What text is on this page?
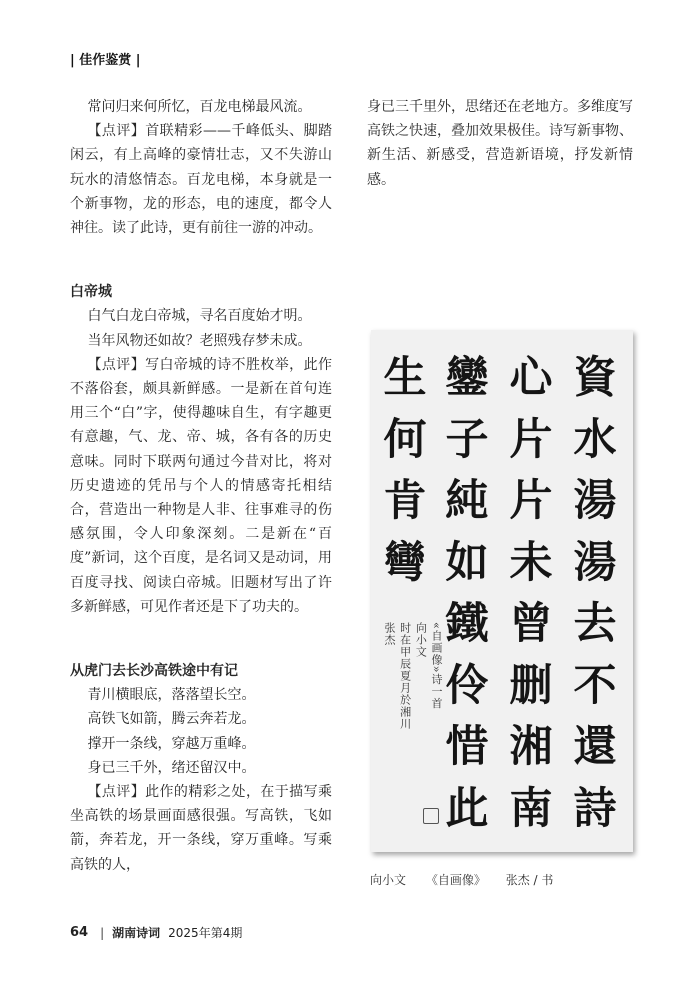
| 佳作鉴赏 |

常问归来何所忆，百龙电梯最风流。

【点评】首联精彩——千峰低头、脚踏闲云，有上高峰的豪情壮志，又不失游山玩水的清悠情态。百龙电梯，本身就是一个新事物，龙的形态，电的速度，都令人神往。读了此诗，更有前往一游的冲动。

白帝城

白气白龙白帝城，寻名百度始才明。

当年风物还如故？老照残存梦未成。

【点评】写白帝城的诗不胜枚举，此作不落俗套，颇具新鲜感。一是新在首句连用三个“白”字，使得趣味自生，有字趣更有意趣，气、龙、帝、城，各有各的历史意味。同时下联两句通过今昔对比，将对历史遗迹的凭吊与个人的情感寄托相结合，营造出一种物是人非、往事难寻的伤感氛围，令人印象深刻。二是新在“百度”新词，这个百度，是名词又是动词，用百度寻找、阅读白帝城。旧题材写出了许多新鲜感，可见作者还是下了功夫的。

从虎门去长沙高铁途中有记

青川横眼底，落落望长空。

高铁飞如箭，腾云奔若龙。

撑开一条线，穿越万重峰。

身已三千外，绪还留汉中。

【点评】此作的精彩之处，在于描写乘坐高铁的场景画面感很强。写高铁，飞如箭，奔若龙，开一条线，穿万重峰。写乘高铁的人，

身已三千里外，思绪还在老地方。多维度写高铁之快速，叠加效果极佳。诗写新事物、新生活、新感受，营造新语境，抒发新情感。

資
水
湯
湯
去
不
還
詩
心
片
片
未
曾
删
湘
南
鑾
子
純
如
鐵
伶
惜
此
生
何
肯
彎
«自画像»诗一首
向小文
时在甲辰夏月於湘川
张杰
向小文 《自画像》 张杰 / 书
64 | 湖南诗词 2025年第4期
